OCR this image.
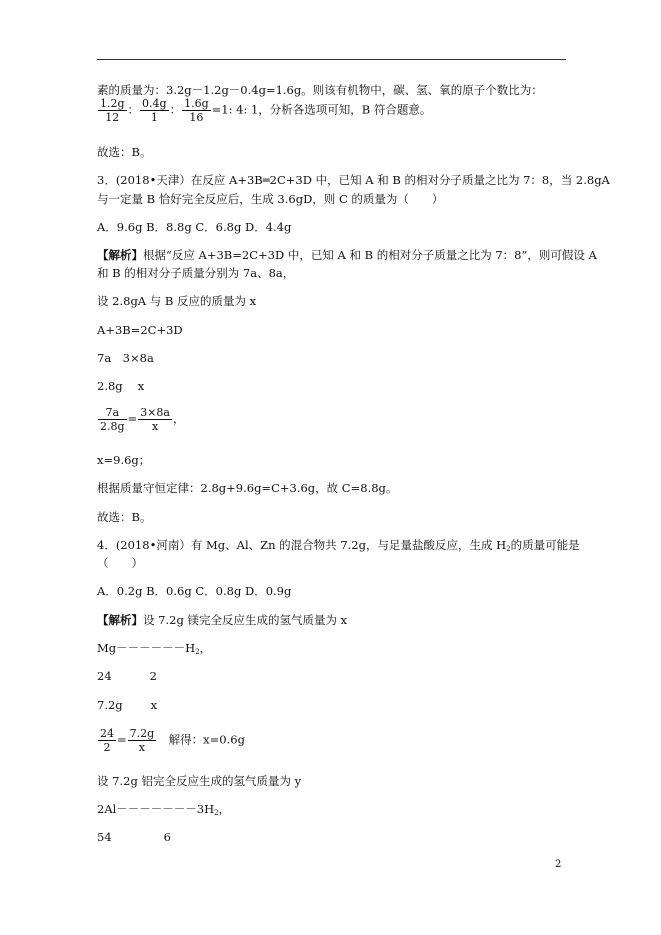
素的质量为：3.2g－1.2g－0.4g=1.6g。则该有机物中，碳、氢、氧的原子个数比为：
$\frac{1.2g}{12}$ ： $\frac{0.4g}{1}$ ： $\frac{1.6g}{16} =1$: 4: 1，分析各选项可知，B 符合题意。
故选：B。
3．(2018•天津）在反应 A+3B═2C+3D 中，已知 A 和 B 的相对分子质量之比为 7：8，当 2.8gA
与一定量 B 恰好完全反应后，生成 3.6gD，则 C 的质量为（　　）
A．9.6g B．8.8g C．6.8g D．4.4g
【解析】根据“反应 A+3B=2C+3D 中，已知 A 和 B 的相对分子质量之比为 7：8”，则可假设 A
和 B 的相对分子质量分别为 7a、8a，
设 2.8gA 与 B 反应的质量为 x
A+3B=2C+3D
7a　3×8a
2.8g　 x
$\frac{7a}{2.8g} = \frac{3\times 8a}{x}$ ，
x=9.6g；
根据质量守恒定律：2.8g+9.6g=C+3.6g，故 C=8.8g。
故选：B。
4．(2018•河南）有 Mg、Al、Zn 的混合物共 7.2g，与足量盐酸反应，生成 $H_2$的质量可能是
（　　）
A．0.2g B．0.6g C．0.8g D．0.9g
【解析】设 7.2g 镁完全反应生成的氢气质量为 x
$Mg------H_2$，
24	2
7.2g x
$\frac{24}{2} = \frac{7.2g}{x}$ 　解得：x=0.6g
设 7.2g 铝完全反应生成的氢气质量为 y
$2Al-------3H_2$，
54	6
2
